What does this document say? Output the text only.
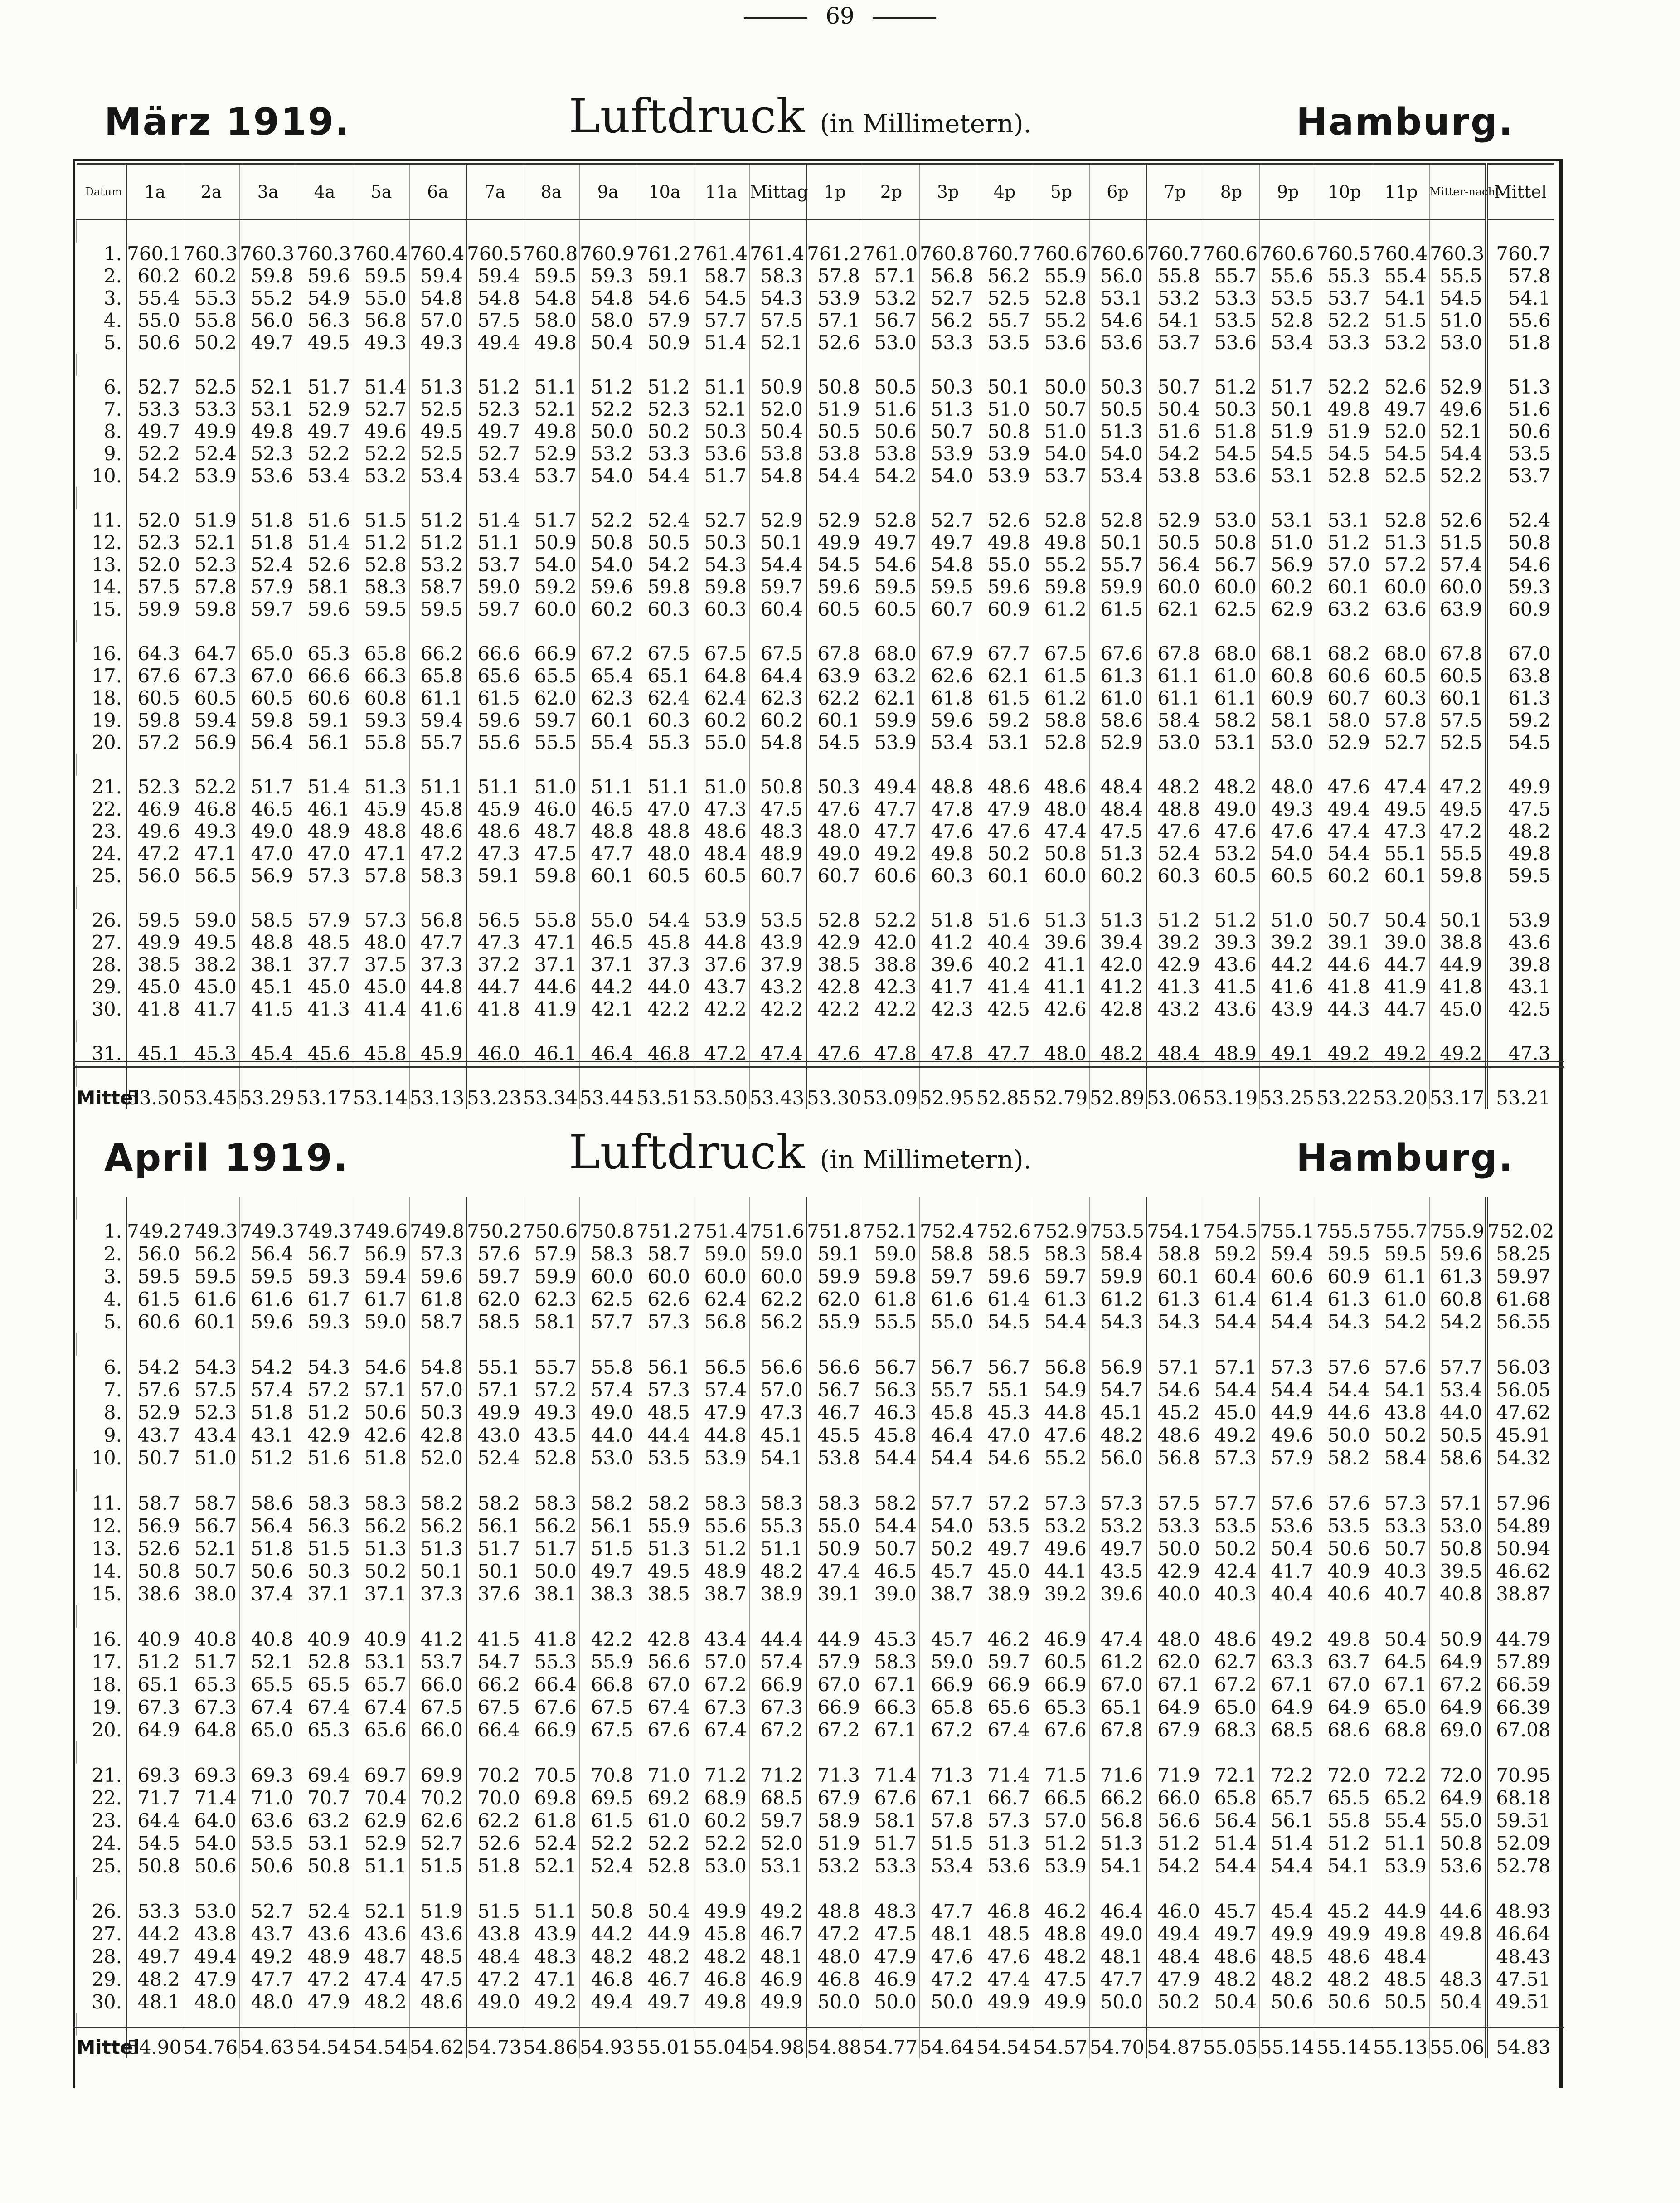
69
März 1919.	Luftdruck (in Millimetern).	Hamburg.
Datum	1a	2a	3a	4a	5a	6a	7a	8a	9a	10a	11a	Mittag	1p	2p	3p	4p	5p	6p	7p	8p	9p	10p	11p	Mitter-nacht	Mittel

1.	760.1	760.3	760.3	760.3	760.4	760.4	760.5	760.8	760.9	761.2	761.4	761.4	761.2	761.0	760.8	760.7	760.6	760.6	760.7	760.6	760.6	760.5	760.4	760.3	760.7
2.	60.2	60.2	59.8	59.6	59.5	59.4	59.4	59.5	59.3	59.1	58.7	58.3	57.8	57.1	56.8	56.2	55.9	56.0	55.8	55.7	55.6	55.3	55.4	55.5	57.8
3.	55.4	55.3	55.2	54.9	55.0	54.8	54.8	54.8	54.8	54.6	54.5	54.3	53.9	53.2	52.7	52.5	52.8	53.1	53.2	53.3	53.5	53.7	54.1	54.5	54.1
4.	55.0	55.8	56.0	56.3	56.8	57.0	57.5	58.0	58.0	57.9	57.7	57.5	57.1	56.7	56.2	55.7	55.2	54.6	54.1	53.5	52.8	52.2	51.5	51.0	55.6
5.	50.6	50.2	49.7	49.5	49.3	49.3	49.4	49.8	50.4	50.9	51.4	52.1	52.6	53.0	53.3	53.5	53.6	53.6	53.7	53.6	53.4	53.3	53.2	53.0	51.8

6.	52.7	52.5	52.1	51.7	51.4	51.3	51.2	51.1	51.2	51.2	51.1	50.9	50.8	50.5	50.3	50.1	50.0	50.3	50.7	51.2	51.7	52.2	52.6	52.9	51.3
7.	53.3	53.3	53.1	52.9	52.7	52.5	52.3	52.1	52.2	52.3	52.1	52.0	51.9	51.6	51.3	51.0	50.7	50.5	50.4	50.3	50.1	49.8	49.7	49.6	51.6
8.	49.7	49.9	49.8	49.7	49.6	49.5	49.7	49.8	50.0	50.2	50.3	50.4	50.5	50.6	50.7	50.8	51.0	51.3	51.6	51.8	51.9	51.9	52.0	52.1	50.6
9.	52.2	52.4	52.3	52.2	52.2	52.5	52.7	52.9	53.2	53.3	53.6	53.8	53.8	53.8	53.9	53.9	54.0	54.0	54.2	54.5	54.5	54.5	54.5	54.4	53.5
10.	54.2	53.9	53.6	53.4	53.2	53.4	53.4	53.7	54.0	54.4	51.7	54.8	54.4	54.2	54.0	53.9	53.7	53.4	53.8	53.6	53.1	52.8	52.5	52.2	53.7

11.	52.0	51.9	51.8	51.6	51.5	51.2	51.4	51.7	52.2	52.4	52.7	52.9	52.9	52.8	52.7	52.6	52.8	52.8	52.9	53.0	53.1	53.1	52.8	52.6	52.4
12.	52.3	52.1	51.8	51.4	51.2	51.2	51.1	50.9	50.8	50.5	50.3	50.1	49.9	49.7	49.7	49.8	49.8	50.1	50.5	50.8	51.0	51.2	51.3	51.5	50.8
13.	52.0	52.3	52.4	52.6	52.8	53.2	53.7	54.0	54.0	54.2	54.3	54.4	54.5	54.6	54.8	55.0	55.2	55.7	56.4	56.7	56.9	57.0	57.2	57.4	54.6
14.	57.5	57.8	57.9	58.1	58.3	58.7	59.0	59.2	59.6	59.8	59.8	59.7	59.6	59.5	59.5	59.6	59.8	59.9	60.0	60.0	60.2	60.1	60.0	60.0	59.3
15.	59.9	59.8	59.7	59.6	59.5	59.5	59.7	60.0	60.2	60.3	60.3	60.4	60.5	60.5	60.7	60.9	61.2	61.5	62.1	62.5	62.9	63.2	63.6	63.9	60.9

16.	64.3	64.7	65.0	65.3	65.8	66.2	66.6	66.9	67.2	67.5	67.5	67.5	67.8	68.0	67.9	67.7	67.5	67.6	67.8	68.0	68.1	68.2	68.0	67.8	67.0
17.	67.6	67.3	67.0	66.6	66.3	65.8	65.6	65.5	65.4	65.1	64.8	64.4	63.9	63.2	62.6	62.1	61.5	61.3	61.1	61.0	60.8	60.6	60.5	60.5	63.8
18.	60.5	60.5	60.5	60.6	60.8	61.1	61.5	62.0	62.3	62.4	62.4	62.3	62.2	62.1	61.8	61.5	61.2	61.0	61.1	61.1	60.9	60.7	60.3	60.1	61.3
19.	59.8	59.4	59.8	59.1	59.3	59.4	59.6	59.7	60.1	60.3	60.2	60.2	60.1	59.9	59.6	59.2	58.8	58.6	58.4	58.2	58.1	58.0	57.8	57.5	59.2
20.	57.2	56.9	56.4	56.1	55.8	55.7	55.6	55.5	55.4	55.3	55.0	54.8	54.5	53.9	53.4	53.1	52.8	52.9	53.0	53.1	53.0	52.9	52.7	52.5	54.5

21.	52.3	52.2	51.7	51.4	51.3	51.1	51.1	51.0	51.1	51.1	51.0	50.8	50.3	49.4	48.8	48.6	48.6	48.4	48.2	48.2	48.0	47.6	47.4	47.2	49.9
22.	46.9	46.8	46.5	46.1	45.9	45.8	45.9	46.0	46.5	47.0	47.3	47.5	47.6	47.7	47.8	47.9	48.0	48.4	48.8	49.0	49.3	49.4	49.5	49.5	47.5
23.	49.6	49.3	49.0	48.9	48.8	48.6	48.6	48.7	48.8	48.8	48.6	48.3	48.0	47.7	47.6	47.6	47.4	47.5	47.6	47.6	47.6	47.4	47.3	47.2	48.2
24.	47.2	47.1	47.0	47.0	47.1	47.2	47.3	47.5	47.7	48.0	48.4	48.9	49.0	49.2	49.8	50.2	50.8	51.3	52.4	53.2	54.0	54.4	55.1	55.5	49.8
25.	56.0	56.5	56.9	57.3	57.8	58.3	59.1	59.8	60.1	60.5	60.5	60.7	60.7	60.6	60.3	60.1	60.0	60.2	60.3	60.5	60.5	60.2	60.1	59.8	59.5

26.	59.5	59.0	58.5	57.9	57.3	56.8	56.5	55.8	55.0	54.4	53.9	53.5	52.8	52.2	51.8	51.6	51.3	51.3	51.2	51.2	51.0	50.7	50.4	50.1	53.9
27.	49.9	49.5	48.8	48.5	48.0	47.7	47.3	47.1	46.5	45.8	44.8	43.9	42.9	42.0	41.2	40.4	39.6	39.4	39.2	39.3	39.2	39.1	39.0	38.8	43.6
28.	38.5	38.2	38.1	37.7	37.5	37.3	37.2	37.1	37.1	37.3	37.6	37.9	38.5	38.8	39.6	40.2	41.1	42.0	42.9	43.6	44.2	44.6	44.7	44.9	39.8
29.	45.0	45.0	45.1	45.0	45.0	44.8	44.7	44.6	44.2	44.0	43.7	43.2	42.8	42.3	41.7	41.4	41.1	41.2	41.3	41.5	41.6	41.8	41.9	41.8	43.1
30.	41.8	41.7	41.5	41.3	41.4	41.6	41.8	41.9	42.1	42.2	42.2	42.2	42.2	42.2	42.3	42.5	42.6	42.8	43.2	43.6	43.9	44.3	44.7	45.0	42.5

31.	45.1	45.3	45.4	45.6	45.8	45.9	46.0	46.1	46.4	46.8	47.2	47.4	47.6	47.8	47.8	47.7	48.0	48.2	48.4	48.9	49.1	49.2	49.2	49.2	47.3

Mittel	53.50	53.45	53.29	53.17	53.14	53.13	53.23	53.34	53.44	53.51	53.50	53.43	53.30	53.09	52.95	52.85	52.79	52.89	53.06	53.19	53.25	53.22	53.20	53.17	53.21
April 1919.	Luftdruck (in Millimetern).	Hamburg.

1.	749.2	749.3	749.3	749.3	749.6	749.8	750.2	750.6	750.8	751.2	751.4	751.6	751.8	752.1	752.4	752.6	752.9	753.5	754.1	754.5	755.1	755.5	755.7	755.9	752.02
2.	56.0	56.2	56.4	56.7	56.9	57.3	57.6	57.9	58.3	58.7	59.0	59.0	59.1	59.0	58.8	58.5	58.3	58.4	58.8	59.2	59.4	59.5	59.5	59.6	58.25
3.	59.5	59.5	59.5	59.3	59.4	59.6	59.7	59.9	60.0	60.0	60.0	60.0	59.9	59.8	59.7	59.6	59.7	59.9	60.1	60.4	60.6	60.9	61.1	61.3	59.97
4.	61.5	61.6	61.6	61.7	61.7	61.8	62.0	62.3	62.5	62.6	62.4	62.2	62.0	61.8	61.6	61.4	61.3	61.2	61.3	61.4	61.4	61.3	61.0	60.8	61.68
5.	60.6	60.1	59.6	59.3	59.0	58.7	58.5	58.1	57.7	57.3	56.8	56.2	55.9	55.5	55.0	54.5	54.4	54.3	54.3	54.4	54.4	54.3	54.2	54.2	56.55

6.	54.2	54.3	54.2	54.3	54.6	54.8	55.1	55.7	55.8	56.1	56.5	56.6	56.6	56.7	56.7	56.7	56.8	56.9	57.1	57.1	57.3	57.6	57.6	57.7	56.03
7.	57.6	57.5	57.4	57.2	57.1	57.0	57.1	57.2	57.4	57.3	57.4	57.0	56.7	56.3	55.7	55.1	54.9	54.7	54.6	54.4	54.4	54.4	54.1	53.4	56.05
8.	52.9	52.3	51.8	51.2	50.6	50.3	49.9	49.3	49.0	48.5	47.9	47.3	46.7	46.3	45.8	45.3	44.8	45.1	45.2	45.0	44.9	44.6	43.8	44.0	47.62
9.	43.7	43.4	43.1	42.9	42.6	42.8	43.0	43.5	44.0	44.4	44.8	45.1	45.5	45.8	46.4	47.0	47.6	48.2	48.6	49.2	49.6	50.0	50.2	50.5	45.91
10.	50.7	51.0	51.2	51.6	51.8	52.0	52.4	52.8	53.0	53.5	53.9	54.1	53.8	54.4	54.4	54.6	55.2	56.0	56.8	57.3	57.9	58.2	58.4	58.6	54.32

11.	58.7	58.7	58.6	58.3	58.3	58.2	58.2	58.3	58.2	58.2	58.3	58.3	58.3	58.2	57.7	57.2	57.3	57.3	57.5	57.7	57.6	57.6	57.3	57.1	57.96
12.	56.9	56.7	56.4	56.3	56.2	56.2	56.1	56.2	56.1	55.9	55.6	55.3	55.0	54.4	54.0	53.5	53.2	53.2	53.3	53.5	53.6	53.5	53.3	53.0	54.89
13.	52.6	52.1	51.8	51.5	51.3	51.3	51.7	51.7	51.5	51.3	51.2	51.1	50.9	50.7	50.2	49.7	49.6	49.7	50.0	50.2	50.4	50.6	50.7	50.8	50.94
14.	50.8	50.7	50.6	50.3	50.2	50.1	50.1	50.0	49.7	49.5	48.9	48.2	47.4	46.5	45.7	45.0	44.1	43.5	42.9	42.4	41.7	40.9	40.3	39.5	46.62
15.	38.6	38.0	37.4	37.1	37.1	37.3	37.6	38.1	38.3	38.5	38.7	38.9	39.1	39.0	38.7	38.9	39.2	39.6	40.0	40.3	40.4	40.6	40.7	40.8	38.87

16.	40.9	40.8	40.8	40.9	40.9	41.2	41.5	41.8	42.2	42.8	43.4	44.4	44.9	45.3	45.7	46.2	46.9	47.4	48.0	48.6	49.2	49.8	50.4	50.9	44.79
17.	51.2	51.7	52.1	52.8	53.1	53.7	54.7	55.3	55.9	56.6	57.0	57.4	57.9	58.3	59.0	59.7	60.5	61.2	62.0	62.7	63.3	63.7	64.5	64.9	57.89
18.	65.1	65.3	65.5	65.5	65.7	66.0	66.2	66.4	66.8	67.0	67.2	66.9	67.0	67.1	66.9	66.9	66.9	67.0	67.1	67.2	67.1	67.0	67.1	67.2	66.59
19.	67.3	67.3	67.4	67.4	67.4	67.5	67.5	67.6	67.5	67.4	67.3	67.3	66.9	66.3	65.8	65.6	65.3	65.1	64.9	65.0	64.9	64.9	65.0	64.9	66.39
20.	64.9	64.8	65.0	65.3	65.6	66.0	66.4	66.9	67.5	67.6	67.4	67.2	67.2	67.1	67.2	67.4	67.6	67.8	67.9	68.3	68.5	68.6	68.8	69.0	67.08

21.	69.3	69.3	69.3	69.4	69.7	69.9	70.2	70.5	70.8	71.0	71.2	71.2	71.3	71.4	71.3	71.4	71.5	71.6	71.9	72.1	72.2	72.0	72.2	72.0	70.95
22.	71.7	71.4	71.0	70.7	70.4	70.2	70.0	69.8	69.5	69.2	68.9	68.5	67.9	67.6	67.1	66.7	66.5	66.2	66.0	65.8	65.7	65.5	65.2	64.9	68.18
23.	64.4	64.0	63.6	63.2	62.9	62.6	62.2	61.8	61.5	61.0	60.2	59.7	58.9	58.1	57.8	57.3	57.0	56.8	56.6	56.4	56.1	55.8	55.4	55.0	59.51
24.	54.5	54.0	53.5	53.1	52.9	52.7	52.6	52.4	52.2	52.2	52.2	52.0	51.9	51.7	51.5	51.3	51.2	51.3	51.2	51.4	51.4	51.2	51.1	50.8	52.09
25.	50.8	50.6	50.6	50.8	51.1	51.5	51.8	52.1	52.4	52.8	53.0	53.1	53.2	53.3	53.4	53.6	53.9	54.1	54.2	54.4	54.4	54.1	53.9	53.6	52.78

26.	53.3	53.0	52.7	52.4	52.1	51.9	51.5	51.1	50.8	50.4	49.9	49.2	48.8	48.3	47.7	46.8	46.2	46.4	46.0	45.7	45.4	45.2	44.9	44.6	48.93
27.	44.2	43.8	43.7	43.6	43.6	43.6	43.8	43.9	44.2	44.9	45.8	46.7	47.2	47.5	48.1	48.5	48.8	49.0	49.4	49.7	49.9	49.9	49.8	49.8	46.64
28.	49.7	49.4	49.2	48.9	48.7	48.5	48.4	48.3	48.2	48.2	48.2	48.1	48.0	47.9	47.6	47.6	48.2	48.1	48.4	48.6	48.5	48.6	48.4		48.43
29.	48.2	47.9	47.7	47.2	47.4	47.5	47.2	47.1	46.8	46.7	46.8	46.9	46.8	46.9	47.2	47.4	47.5	47.7	47.9	48.2	48.2	48.2	48.5	48.3	47.51
30.	48.1	48.0	48.0	47.9	48.2	48.6	49.0	49.2	49.4	49.7	49.8	49.9	50.0	50.0	50.0	49.9	49.9	50.0	50.2	50.4	50.6	50.6	50.5	50.4	49.51

Mittel	54.90	54.76	54.63	54.54	54.54	54.62	54.73	54.86	54.93	55.01	55.04	54.98	54.88	54.77	54.64	54.54	54.57	54.70	54.87	55.05	55.14	55.14	55.13	55.06	54.83
